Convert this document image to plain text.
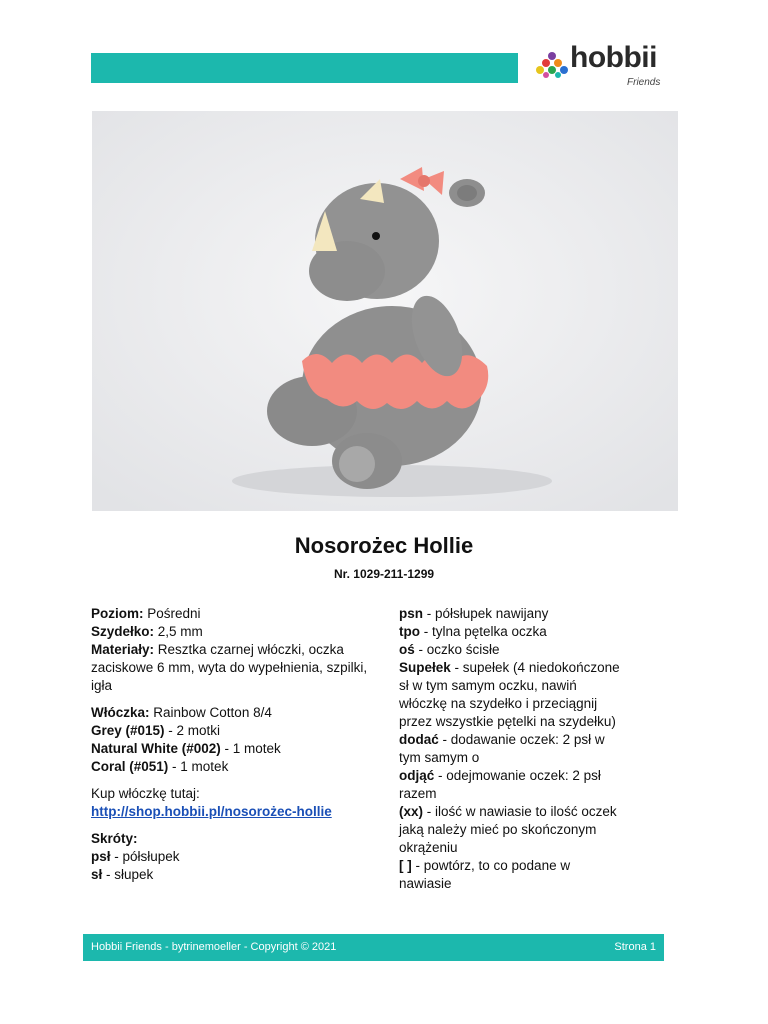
hobbii
Friends
Nosorożec Hollie
Nr. 1029-211-1299

Poziom: Pośredni

Szydełko: 2,5 mm

Materiały: Resztka czarnej włóczki, oczka zaciskowe 6 mm, wyta do wypełnienia, szpilki, igła

Włóczka: Rainbow Cotton 8/4

Grey (#015) - 2 motki

Natural White (#002) - 1 motek

Coral (#051) - 1 motek

Kup włóczkę tutaj:

http://shop.hobbii.pl/nosorożec-hollie

Skróty:

psł - półsłupek

sł - słupek

psn - półsłupek nawijany

tpo - tylna pętelka oczka

oś - oczko ścisłe

Supełek - supełek (4 niedokończone sł w tym samym oczku, nawiń włóczkę na szydełko i przeciągnij przez wszystkie pętelki na szydełku)

dodać - dodawanie oczek: 2 psł w tym samym o

odjąć - odejmowanie oczek: 2 psł razem

(xx) - ilość w nawiasie to ilość oczek jaką należy mieć po skończonym okrążeniu

[ ] - powtórz, to co podane w nawiasie

Hobbii Friends - bytrinemoeller - Copyright © 2021	Strona 1
